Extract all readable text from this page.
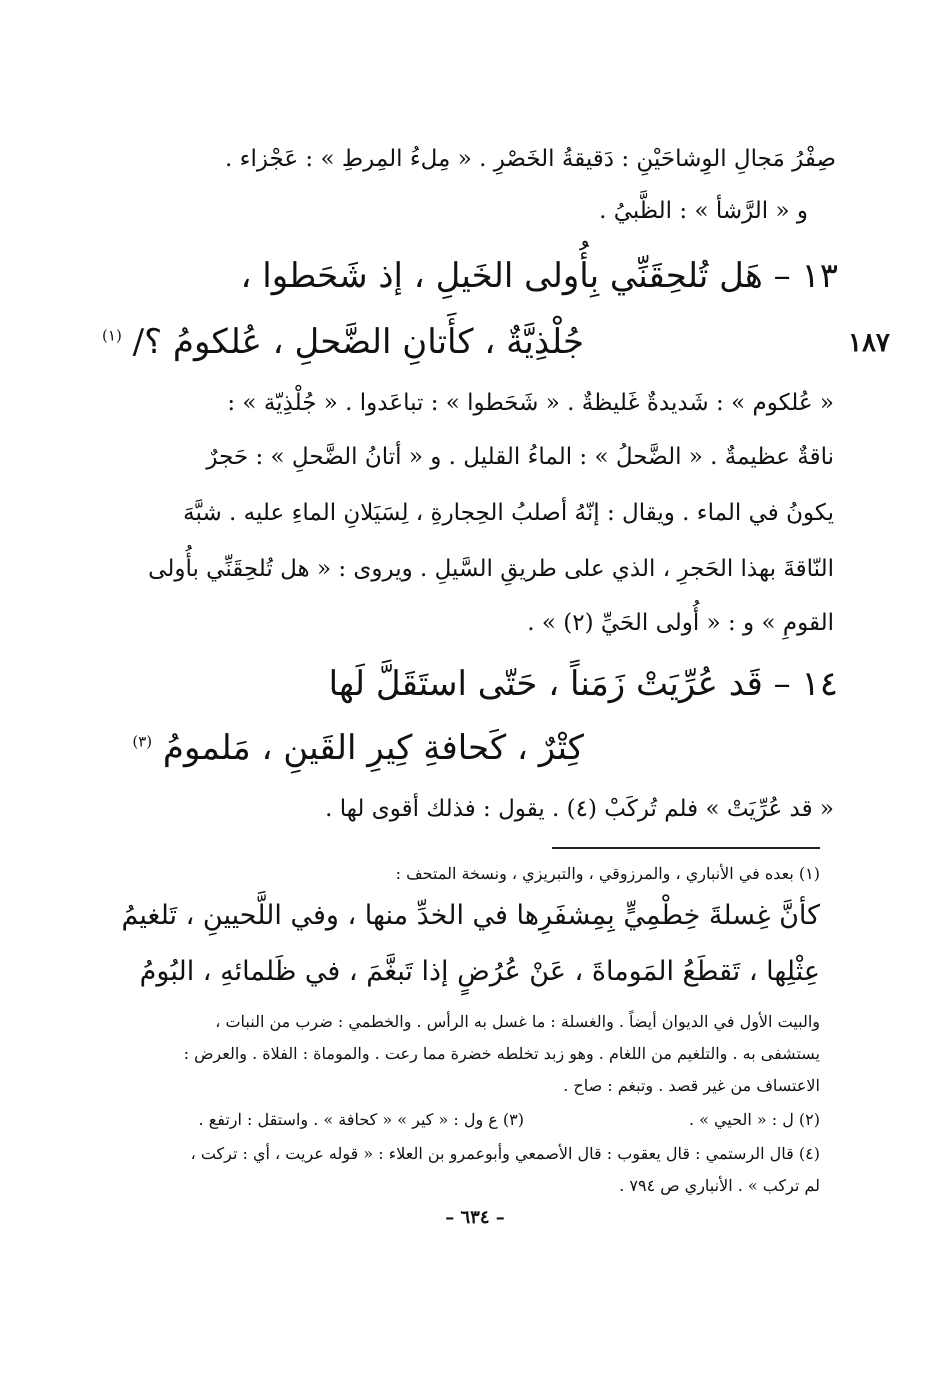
صِفْرُ مَجالِ الوِشاحَيْنِ : دَقيقةُ الخَصْرِ . « مِلءُ المِرطِ » : عَجْزاء .
و « الرَّشأ » : الظَّبيُ .
١٣ – هَل تُلحِقَنِّي بِأُولى الخَيلِ ، إذ شَحَطوا ،
جُلْذِيَّةٌ ، كأَتانِ الضَّحلِ ، عُلكومُ ؟/ $^{(١)}$	١٨٧
« عُلكوم » : شَديدةٌ غَليظةٌ . « شَحَطوا » : تباعَدوا . « جُلْذِيّة » :
ناقةٌ عظيمةٌ . « الضَّحلُ » : الماءُ القليل . و « أتانُ الضَّحلِ » : حَجرٌ
يكونُ في الماء . ويقال : إنّهُ أصلبُ الحِجارةِ ، لِسَيَلانِ الماءِ عليه . شبَّهَ
النّاقةَ بهذا الحَجرِ ، الذي على طريقِ السَّيلِ . ويروى : « هل تُلحِقَنِّي بأُولى
القومِ » و : « أُولى الحَيِّ (٢) » .
١٤ – قَد عُرِّيَتْ زَمَناً ، حَتّى استَقَلَّ لَها
كِتْرٌ ، كَحافةِ كِيرِ القَينِ ، مَلمومُ $^{(٣)}$
« قد عُرِّيَتْ » فلم تُركَبْ (٤) . يقول : فذلك أقوى لها .
(١) بعده في الأنباري ، والمرزوقي ، والتبريزي ، ونسخة المتحف :
كأنَّ غِسلةَ خِطْمِيٍّ بِمِشفَرِها في الخدِّ منها ، وفي اللَّحيينِ ، تَلغيمُ
عِثْلِها ، تَقطَعُ المَوماةَ ، عَنْ عُرُضٍ إذا تَبغَّمَ ، في ظَلمائهِ ، البُومُ
والبيت الأول في الديوان أيضاً . والغسلة : ما غسل به الرأس . والخطمي : ضرب من النبات ،
يستشفى به . والتلغيم من اللغام . وهو زبد تخلطه خضرة مما رعت . والموماة : الفلاة . والعرض :
الاعتساف من غير قصد . وتبغم : صاح .
(٢) ل : « الحيي » .
(٣) ع ول : « كير » « كحافة » . واستقل : ارتفع .
(٤) قال الرستمي : قال يعقوب : قال الأصمعي وأبوعمرو بن العلاء : « قوله عريت ، أي : تركت ،
لم تركب » . الأنباري ص ٧٩٤ .
– ٦٣٤ –
